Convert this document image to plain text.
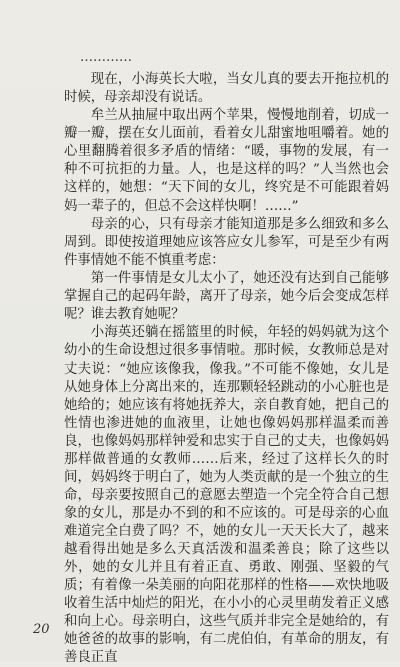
…………

现在，小海英长大啦，当女儿真的要去开拖拉机的时候，母亲却没有说话。

牟兰从抽屉中取出两个苹果，慢慢地削着，切成一瓣一瓣，摆在女儿面前，看着女儿甜蜜地咀嚼着。她的心里翻腾着很多矛盾的情绪：“暖，事物的发展，有一种不可抗拒的力量。人，也是这样的吗？”人当然也会这样的，她想：“天下间的女儿，终究是不可能跟着妈妈一辈子的，但总不会这样快啊！……”

母亲的心，只有母亲才能知道那是多么细致和多么周到。即使按道理她应该答应女儿参军，可是至少有两件事情她不能不慎重考虑：

第一件事情是女儿太小了，她还没有达到自己能够掌握自己的起码年龄，离开了母亲，她今后会变成怎样呢？谁去教育她呢？

小海英还躺在摇篮里的时候，年轻的妈妈就为这个幼小的生命设想过很多事情啦。那时候，女教师总是对丈夫说：“她应该像我，像我。”不可能不像她，女儿是从她身体上分离出来的，连那颗轻轻跳动的小心脏也是她给的；她应该有将她抚养大，亲自教育她，把自己的性情也渗进她的血液里，让她也像妈妈那样温柔而善良，也像妈妈那样钟爱和忠实于自己的丈夫，也像妈妈那样做普通的女教师……后来，经过了这样长久的时间，妈妈终于明白了，她为人类贡献的是一个独立的生命，母亲要按照自己的意愿去塑造一个完全符合自己想象的女儿，那是办不到的和不应该的。可是母亲的心血难道完全白费了吗？不，她的女儿一天天长大了，越来越看得出她是多么天真活泼和温柔善良；除了这些以外，她的女儿并且有着正直、勇敢、刚强、坚毅的气质；有着像一朵美丽的向阳花那样的性格——欢快地吸收着生活中灿烂的阳光，在小小的心灵里萌发着正义感和向上心。母亲明白，这些气质并非完全是她给的，有她爸爸的故事的影响，有二虎伯伯，有革命的朋友，有善良正直

20
